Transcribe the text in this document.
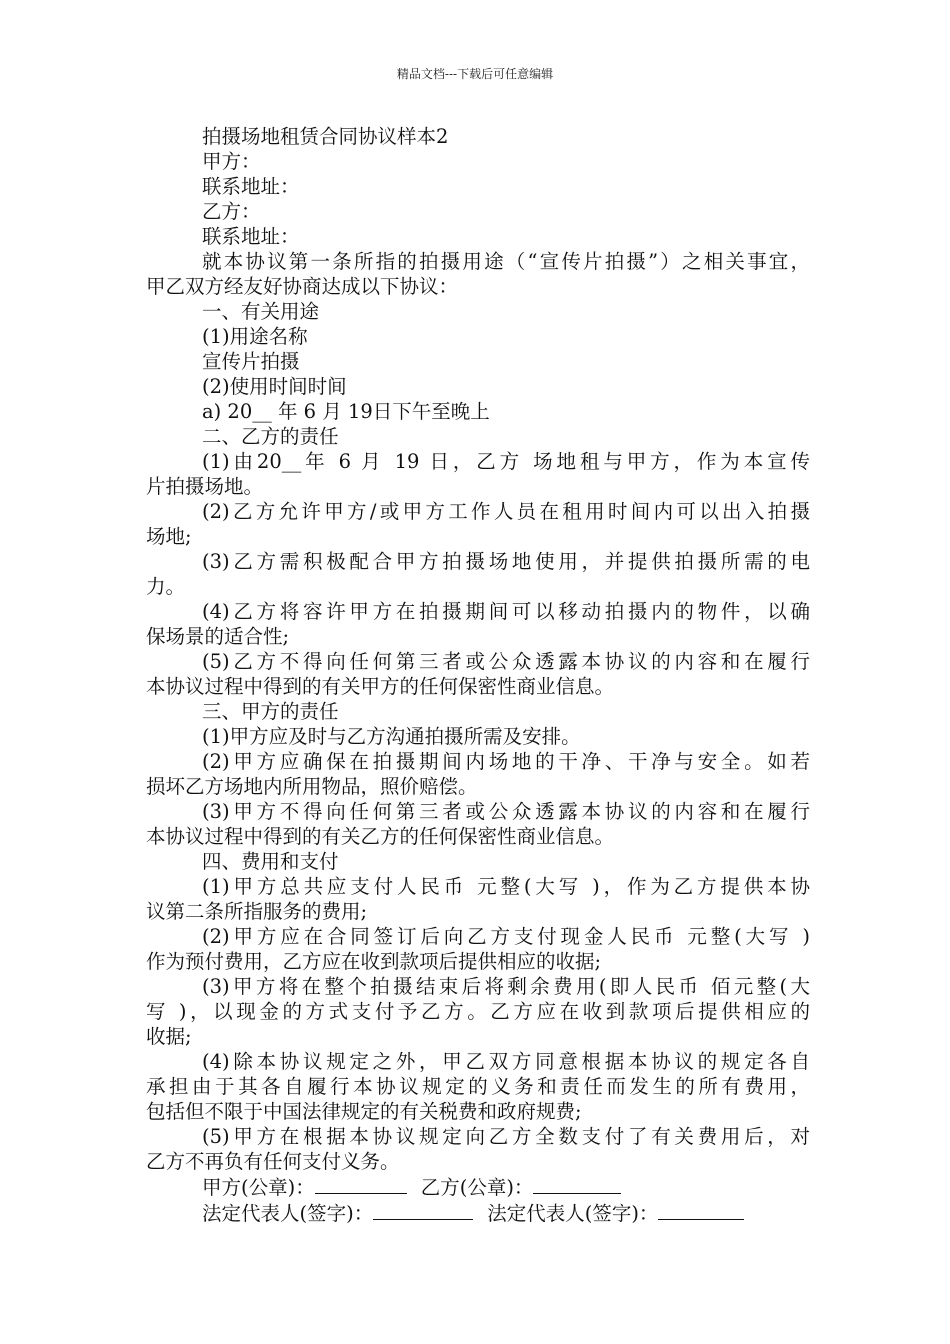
精品文档---下载后可任意编辑
拍摄场地租赁合同协议样本2
甲方：
联系地址：
乙方：
联系地址：
就本协议第一条所指的拍摄用途（“宣传片拍摄”）之相关事宜，
甲乙双方经友好协商达成以下协议：
一、有关用途
(1)用途名称
宣传片拍摄
(2)使用时间时间
a) 20__ 年 6 月 19日下午至晚上
二、乙方的责任
(1)由20__年 6 月 19 日，乙方 场地租与甲方，作为本宣传
片拍摄场地。
(2)乙方允许甲方/或甲方工作人员在租用时间内可以出入拍摄
场地;
(3)乙方需积极配合甲方拍摄场地使用，并提供拍摄所需的电
力。
(4)乙方将容许甲方在拍摄期间可以移动拍摄内的物件，以确
保场景的适合性;
(5)乙方不得向任何第三者或公众透露本协议的内容和在履行
本协议过程中得到的有关甲方的任何保密性商业信息。
三、甲方的责任
(1)甲方应及时与乙方沟通拍摄所需及安排。
(2)甲方应确保在拍摄期间内场地的干净、干净与安全。如若
损坏乙方场地内所用物品，照价赔偿。
(3)甲方不得向任何第三者或公众透露本协议的内容和在履行
本协议过程中得到的有关乙方的任何保密性商业信息。
四、费用和支付
(1)甲方总共应支付人民币 元整(大写 )，作为乙方提供本协
议第二条所指服务的费用;
(2)甲方应在合同签订后向乙方支付现金人民币 元整(大写 )
作为预付费用，乙方应在收到款项后提供相应的收据;
(3)甲方将在整个拍摄结束后将剩余费用(即人民币 佰元整(大
写 )，以现金的方式支付予乙方。乙方应在收到款项后提供相应的
收据;
(4)除本协议规定之外，甲乙双方同意根据本协议的规定各自
承担由于其各自履行本协议规定的义务和责任而发生的所有费用，
包括但不限于中国法律规定的有关税费和政府规费;
(5)甲方在根据本协议规定向乙方全数支付了有关费用后，对
乙方不再负有任何支付义务。
甲方(公章)：	乙方(公章)：
法定代表人(签字)：	法定代表人(签字)：
